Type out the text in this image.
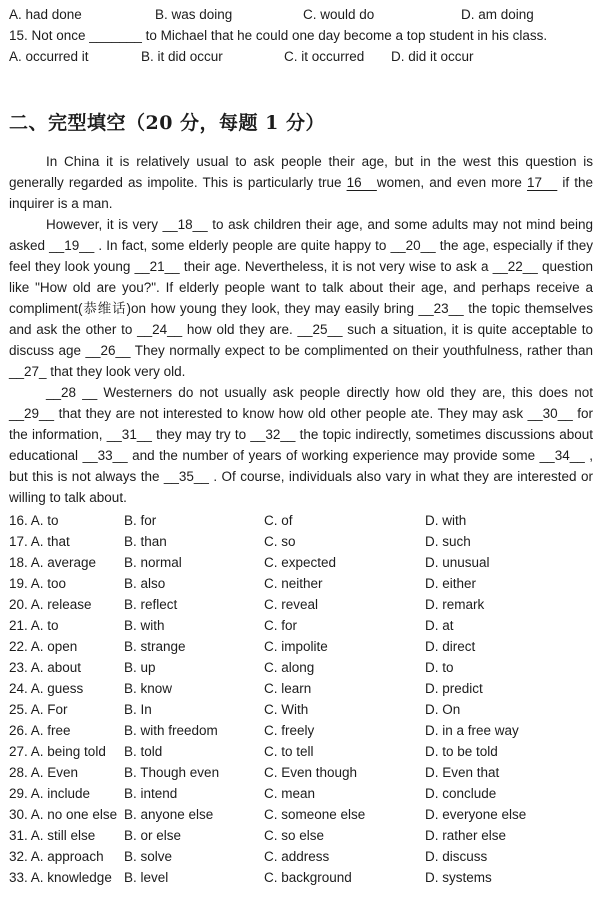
A. had done	B. was doing	C. would do	D. am doing
15. Not once _______ to Michael that he could one day become a top student in his class.
A. occurred it	B. it did occur	C. it occurred	D. did it occur
二、完型填空（20 分，每题 1 分）

In China it is relatively usual to ask people their age, but in the west this question is generally regarded as impolite. This is particularly true 16   women, and even more 17    if the inquirer is a man.

However, it is very __18__ to ask children their age, and some adults may not mind being asked __19__ . In fact, some elderly people are quite happy to __20__ the age, especially if they feel they look young __21__ their age. Nevertheless, it is not very wise to ask a __22__ question like "How old are you?". If elderly people want to talk about their age, and perhaps receive a compliment(恭维话)on how young they look, they may easily bring __23__ the topic themselves and ask the other to __24__ how old they are. __25__ such a situation, it is quite acceptable to discuss age __26__ They normally expect to be complimented on their youthfulness, rather than __27_ that they look very old.

__28 __ Westerners do not usually ask people directly how old they are, this does not __29__ that they are not interested to know how old other people ate. They may ask __30__ for the information, __31__ they may try to __32__ the topic indirectly, sometimes discussions about educational __33__ and the number of years of working experience may provide some __34__ , but this is not always the __35__ . Of course, individuals also vary in what they are interested or willing to talk about.

16. A. to	B. for	C. of	D. with
17. A. that	B. than	C. so	D. such
18. A. average	B. normal	C. expected	D. unusual
19. A. too	B. also	C. neither	D. either
20. A. release	B. reflect	C. reveal	D. remark
21. A. to	B. with	C. for	D. at
22. A. open	B. strange	C. impolite	D. direct
23. A. about	B. up	C. along	D. to
24. A. guess	B. know	C. learn	D. predict
25. A. For	B. In	C. With	D. On
26. A. free	B. with freedom	C. freely	D. in a free way
27. A. being told	B. told	C. to tell	D. to be told
28. A. Even	B. Though even	C. Even though	D. Even that
29. A. include	B. intend	C. mean	D. conclude
30. A. no one else B. anyone else	C. someone else	D. everyone else
31. A. still else	B. or else	C. so else	D. rather else
32. A. approach	B. solve	C. address	D. discuss
33. A. knowledge B. level	C. background	D. systems
